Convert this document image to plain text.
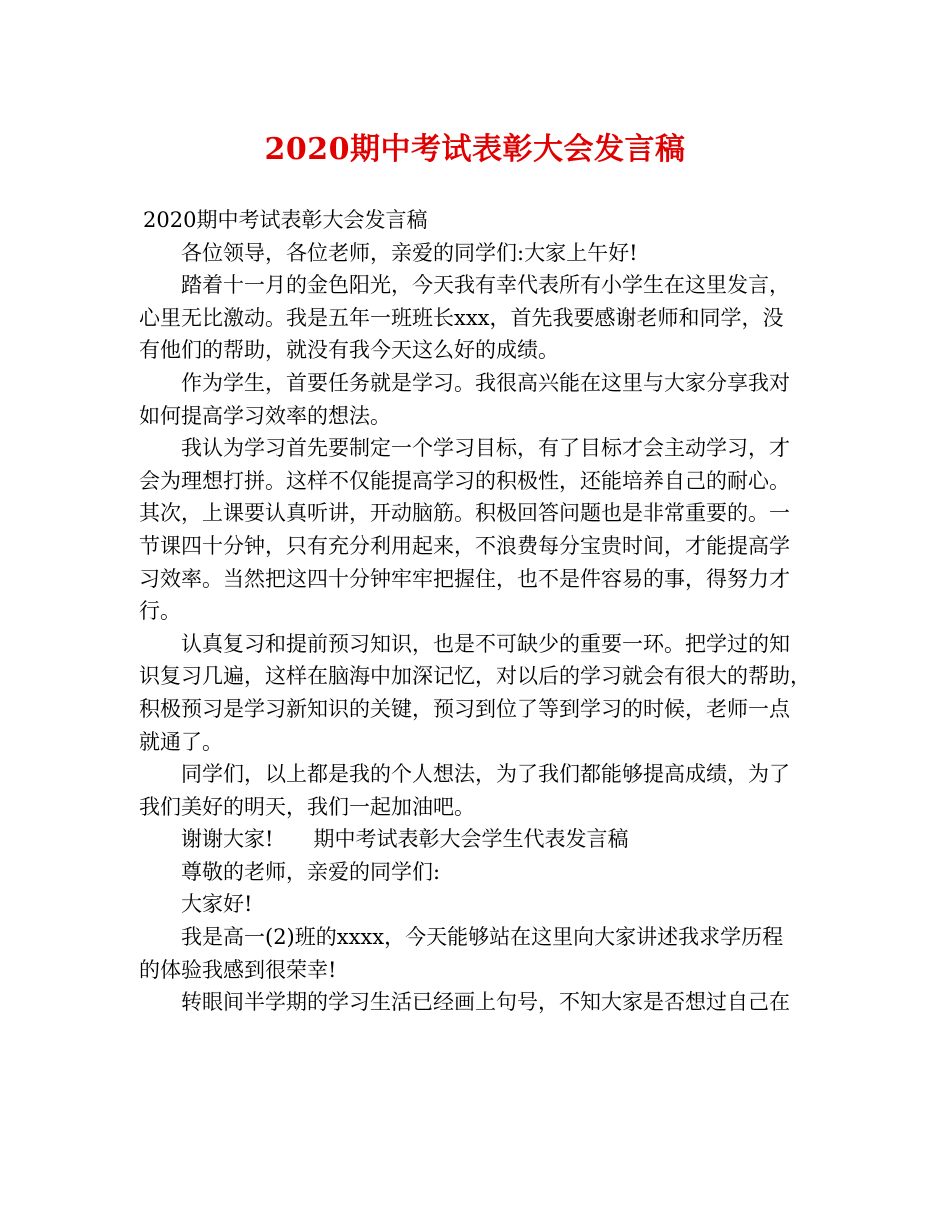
2020期中考试表彰大会发言稿
2020期中考试表彰大会发言稿
各位领导，各位老师，亲爱的同学们:大家上午好!
踏着十一月的金色阳光，今天我有幸代表所有小学生在这里发言，
心里无比激动。我是五年一班班长xxx，首先我要感谢老师和同学，没
有他们的帮助，就没有我今天这么好的成绩。
作为学生，首要任务就是学习。我很高兴能在这里与大家分享我对
如何提高学习效率的想法。
我认为学习首先要制定一个学习目标，有了目标才会主动学习，才
会为理想打拼。这样不仅能提高学习的积极性，还能培养自己的耐心。
其次，上课要认真听讲，开动脑筋。积极回答问题也是非常重要的。一
节课四十分钟，只有充分利用起来，不浪费每分宝贵时间，才能提高学
习效率。当然把这四十分钟牢牢把握住，也不是件容易的事，得努力才
行。
认真复习和提前预习知识，也是不可缺少的重要一环。把学过的知
识复习几遍，这样在脑海中加深记忆，对以后的学习就会有很大的帮助，
积极预习是学习新知识的关键，预习到位了等到学习的时候，老师一点
就通了。
同学们，以上都是我的个人想法，为了我们都能够提高成绩，为了
我们美好的明天，我们一起加油吧。
谢谢大家!      期中考试表彰大会学生代表发言稿
尊敬的老师，亲爱的同学们:
大家好!
我是高一(2)班的xxxx，今天能够站在这里向大家讲述我求学历程
的体验我感到很荣幸!
转眼间半学期的学习生活已经画上句号，不知大家是否想过自己在
